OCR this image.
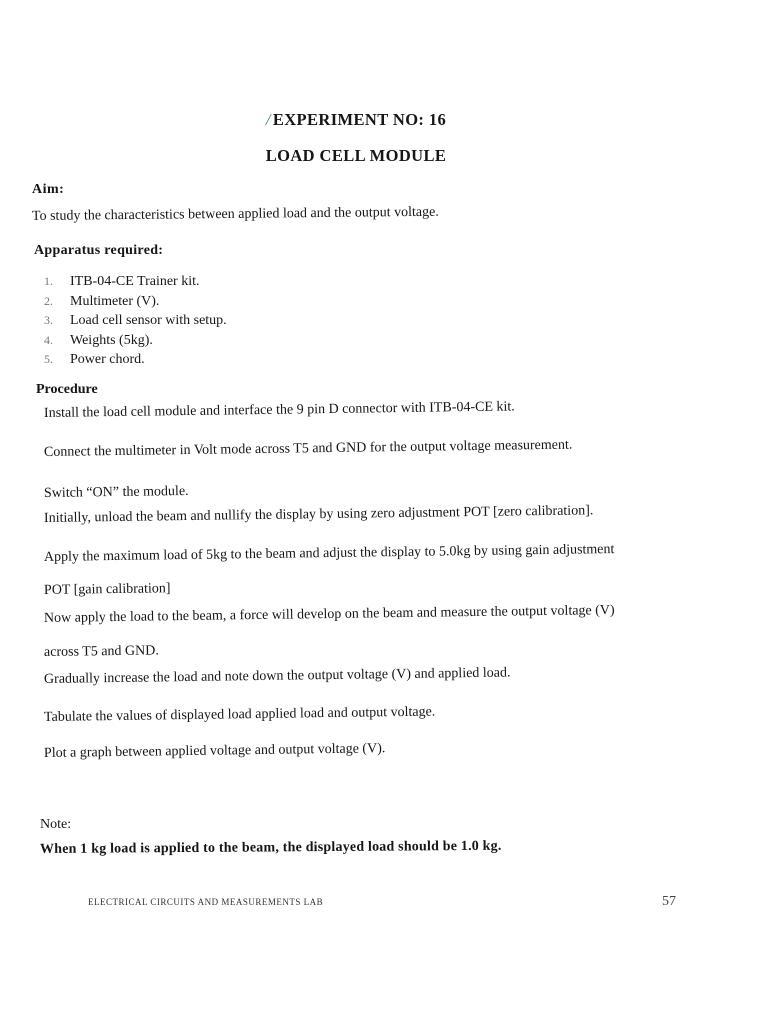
/ EXPERIMENT NO: 16
LOAD CELL MODULE
Aim:
To study the characteristics between applied load and the output voltage.
Apparatus required:
1. ITB-04-CE Trainer kit.
2. Multimeter (V).
3. Load cell sensor with setup.
4. Weights (5kg).
5. Power chord.
Procedure
Install the load cell module and interface the 9 pin D connector with ITB-04-CE kit.
Connect the multimeter in Volt mode across T5 and GND for the output voltage measurement.
Switch “ON” the module.
Initially, unload the beam and nullify the display by using zero adjustment POT [zero calibration].
Apply the maximum load of 5kg to the beam and adjust the display to 5.0kg by using gain adjustment
POT [gain calibration]
Now apply the load to the beam, a force will develop on the beam and measure the output voltage (V)
across T5 and GND.
Gradually increase the load and note down the output voltage (V) and applied load.
Tabulate the values of displayed load applied load and output voltage.
Plot a graph between applied voltage and output voltage (V).
Note:
When 1 kg load is applied to the beam, the displayed load should be 1.0 kg.
ELECTRICAL CIRCUITS AND MEASUREMENTS LAB	57
